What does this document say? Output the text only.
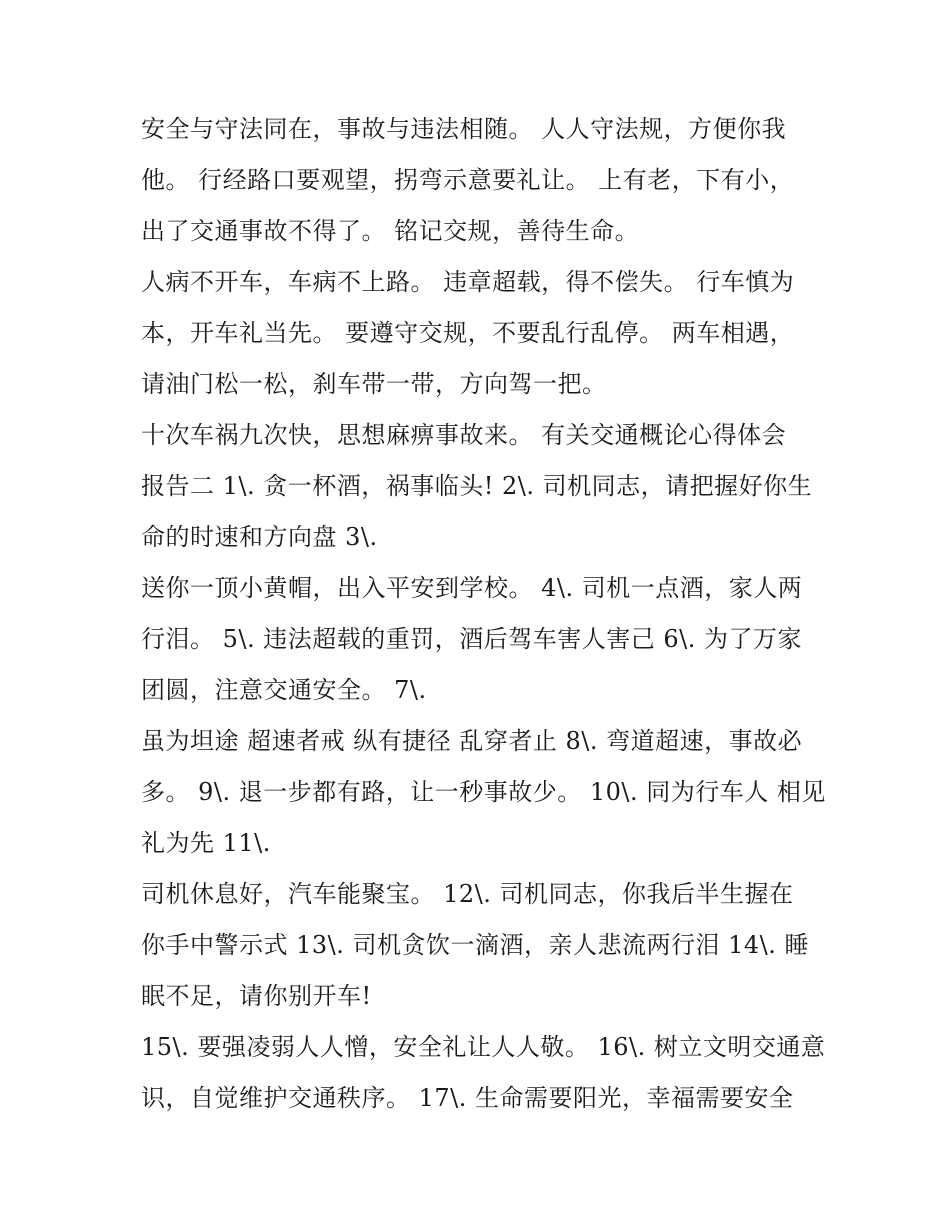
安全与守法同在，事故与违法相随。 人人守法规，方便你我
他。 行经路口要观望，拐弯示意要礼让。 上有老，下有小，
出了交通事故不得了。 铭记交规，善待生命。

人病不开车，车病不上路。 违章超载，得不偿失。 行车慎为
本，开车礼当先。 要遵守交规，不要乱行乱停。 两车相遇，
请油门松一松，刹车带一带，方向驾一把。

十次车祸九次快，思想麻痹事故来。 有关交通概论心得体会
报告二 1\. 贪一杯酒，祸事临头! 2\. 司机同志，请把握好你生
命的时速和方向盘 3\.

送你一顶小黄帽，出入平安到学校。 4\. 司机一点酒，家人两
行泪。 5\. 违法超载的重罚，酒后驾车害人害己 6\. 为了万家
团圆，注意交通安全。 7\.

虽为坦途 超速者戒 纵有捷径 乱穿者止 8\. 弯道超速，事故必
多。 9\. 退一步都有路，让一秒事故少。 10\. 同为行车人 相见
礼为先 11\.

司机休息好，汽车能聚宝。 12\. 司机同志，你我后半生握在
你手中警示式 13\. 司机贪饮一滴酒，亲人悲流两行泪 14\. 睡
眠不足，请你别开车!

15\. 要强凌弱人人憎，安全礼让人人敬。 16\. 树立文明交通意
识，自觉维护交通秩序。 17\. 生命需要阳光，幸福需要安全
